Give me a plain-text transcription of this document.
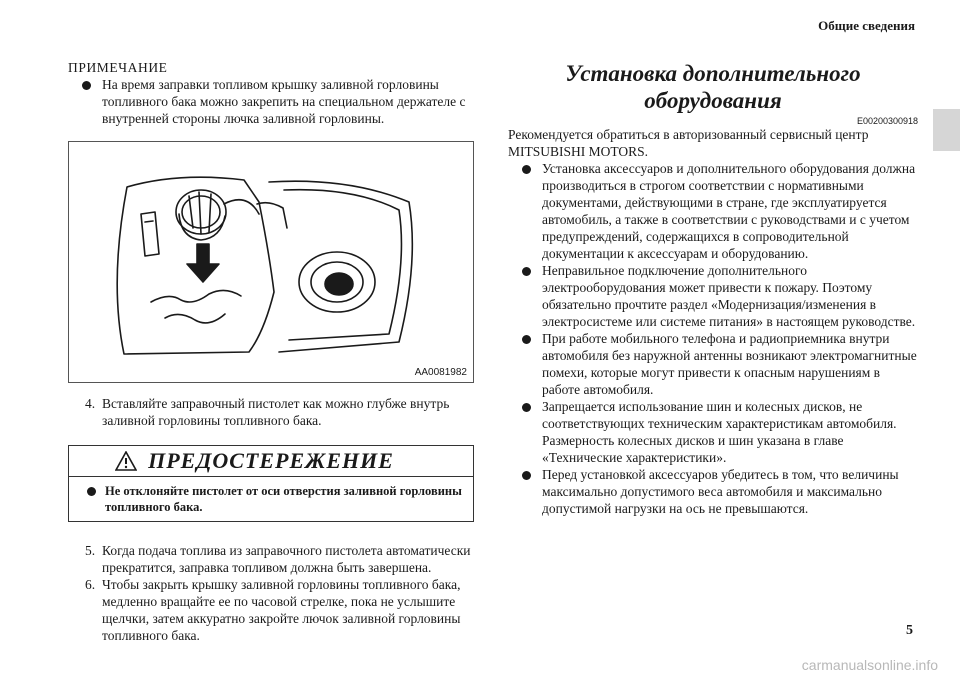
Общие сведения
ПРИМЕЧАНИЕ
На время заправки топливом крышку заливной горловины топливного бака можно закрепить на специальном держателе с внутренней стороны лючка заливной горловины.
AA0081982
4. Вставляйте заправочный пистолет как можно глубже внутрь заливной горловины топливного бака.
ПРЕДОСТЕРЕЖЕНИЕ
Не отклоняйте пистолет от оси отверстия заливной горловины топливного бака.
5. Когда подача топлива из заправочного пистолета автоматически прекратится, заправка топливом должна быть завершена.
6. Чтобы закрыть крышку заливной горловины топливного бака, медленно вращайте ее по часовой стрелке, пока не услышите щелчки, затем аккуратно закройте лючок заливной горловины топливного бака.
Установка дополнительного
оборудования
E00200300918
Рекомендуется обратиться в авторизованный сервисный центр MITSUBISHI MOTORS.
Установка аксессуаров и дополнительного оборудования должна производиться в строгом соответствии с нормативными документами, действующими в стране, где эксплуатируется автомобиль, а также в соответствии с руководствами и с учетом предупреждений, содержащихся в сопроводительной документации к аксессуарам и оборудованию.
Неправильное подключение дополнительного электрооборудования может привести к пожару. Поэтому обязательно прочтите раздел «Модернизация/изменения в электросистеме или системе питания» в настоящем руководстве.
При работе мобильного телефона и радиоприемника внутри автомобиля без наружной антенны возникают электромагнитные помехи, которые могут привести к опасным нарушениям в работе автомобиля.
Запрещается использование шин и колесных дисков, не соответствующих техническим характеристикам автомобиля. Размерность колесных дисков и шин указана в главе «Технические характеристики».
Перед установкой аксессуаров убедитесь в том, что величины максимально допустимого веса автомобиля и максимально допустимой нагрузки на ось не превышаются.
5
carmanualsonline.info
